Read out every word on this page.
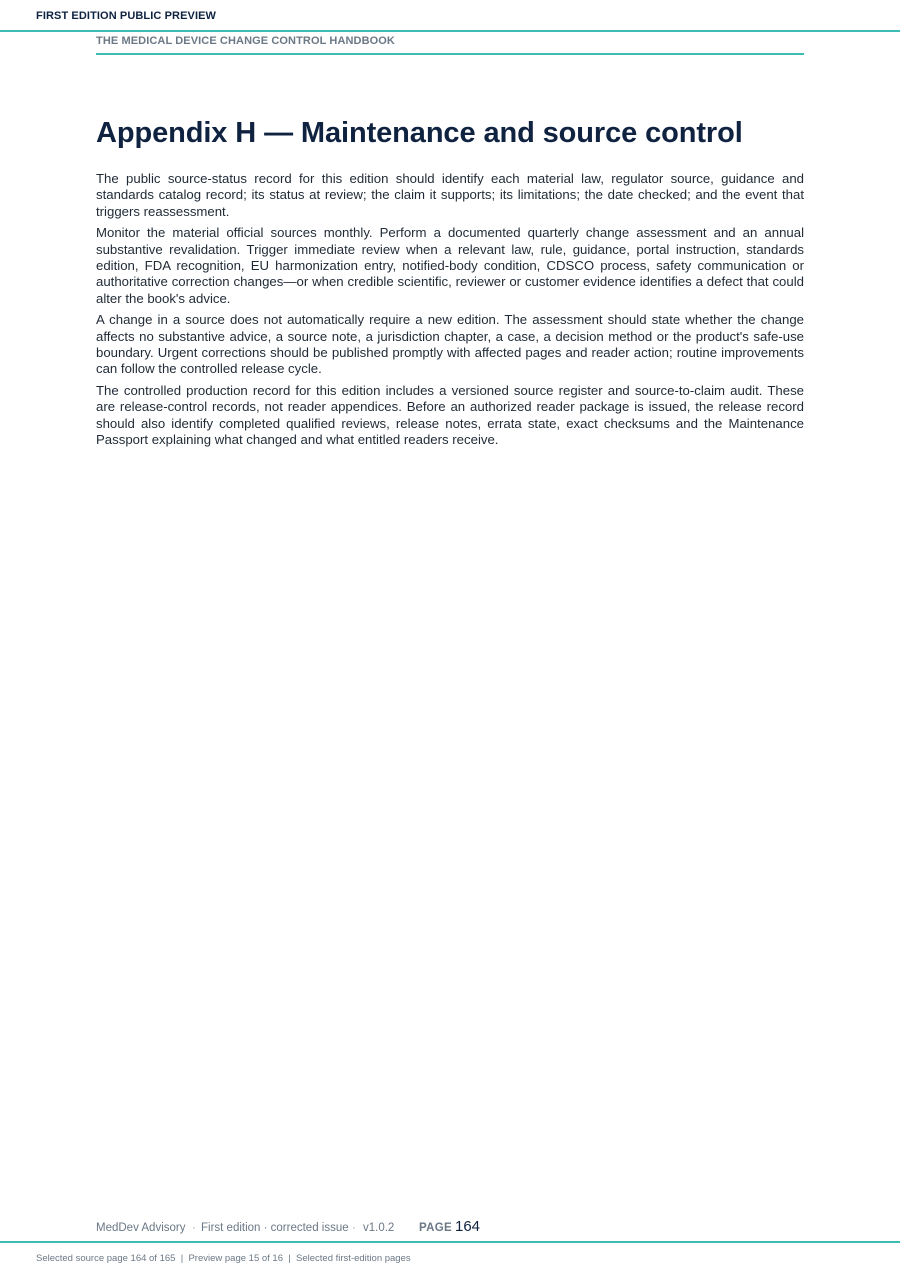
FIRST EDITION PUBLIC PREVIEW
THE MEDICAL DEVICE CHANGE CONTROL HANDBOOK
Appendix H — Maintenance and source control

The public source-status record for this edition should identify each material law, regulator source, guidance and standards catalog record; its status at review; the claim it supports; its limitations; the date checked; and the event that triggers reassessment.

Monitor the material official sources monthly. Perform a documented quarterly change assessment and an annual substantive revalidation. Trigger immediate review when a relevant law, rule, guidance, portal instruction, standards edition, FDA recognition, EU harmonization entry, notified-body condition, CDSCO process, safety communication or authoritative correction changes—or when credible scientific, reviewer or customer evidence identifies a defect that could alter the book's advice.

A change in a source does not automatically require a new edition. The assessment should state whether the change affects no substantive advice, a source note, a jurisdiction chapter, a case, a decision method or the product's safe-use boundary. Urgent corrections should be published promptly with affected pages and reader action; routine improvements can follow the controlled release cycle.

The controlled production record for this edition includes a versioned source register and source-to-claim audit. These are release-control records, not reader appendices. Before an authorized reader package is issued, the release record should also identify completed qualified reviews, release notes, errata state, exact checksums and the Maintenance Passport explaining what changed and what entitled readers receive.

MedDev Advisory · First edition · corrected issue · v1.0.2 PAGE 164
Selected source page 164 of 165  |  Preview page 15 of 16  |  Selected first-edition pages
